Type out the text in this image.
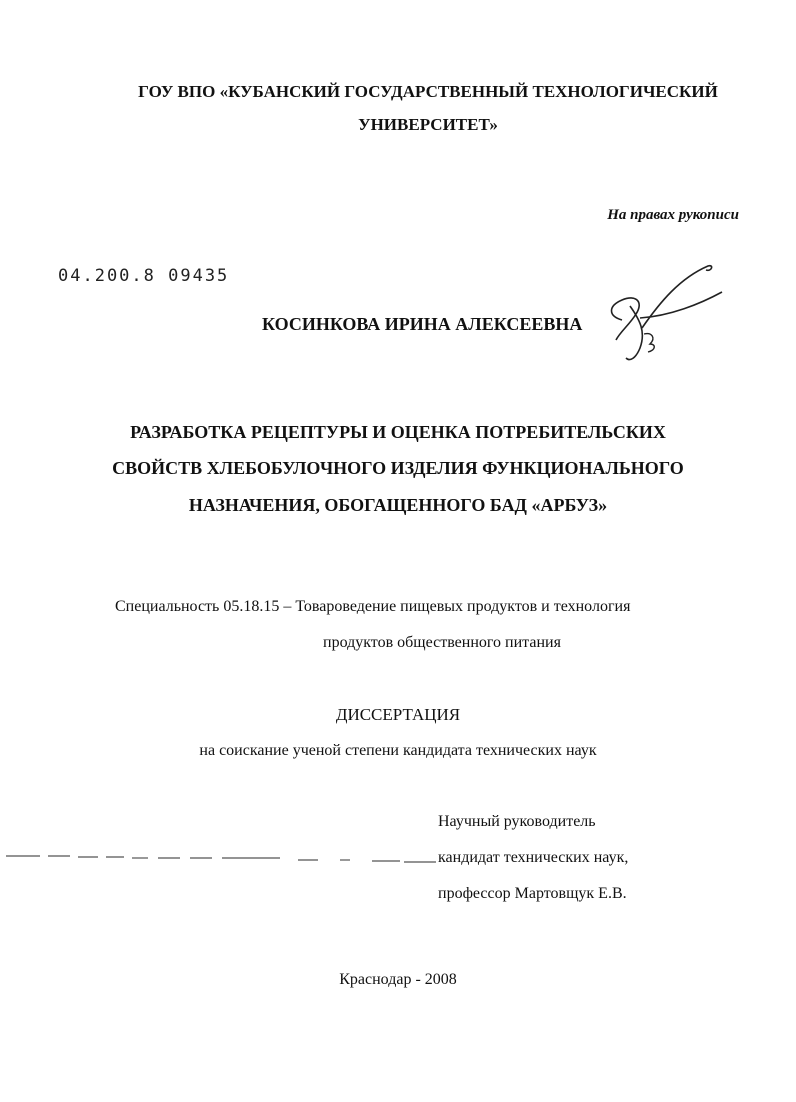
ГОУ ВПО «КУБАНСКИЙ ГОСУДАРСТВЕННЫЙ ТЕХНОЛОГИЧЕСКИЙ
УНИВЕРСИТЕТ»
На правах рукописи
04.200.8 09435
КОСИНКОВА ИРИНА АЛЕКСЕЕВНА
РАЗРАБОТКА РЕЦЕПТУРЫ И ОЦЕНКА ПОТРЕБИТЕЛЬСКИХ
СВОЙСТВ ХЛЕБОБУЛОЧНОГО ИЗДЕЛИЯ ФУНКЦИОНАЛЬНОГО
НАЗНАЧЕНИЯ, ОБОГАЩЕННОГО БАД «АРБУЗ»
Специальность 05.18.15 – Товароведение пищевых продуктов и технология
продуктов общественного питания
ДИССЕРТАЦИЯ
на соискание ученой степени кандидата технических наук
Научный руководитель
кандидат технических наук,
профессор Мартовщук Е.В.
Краснодар - 2008
